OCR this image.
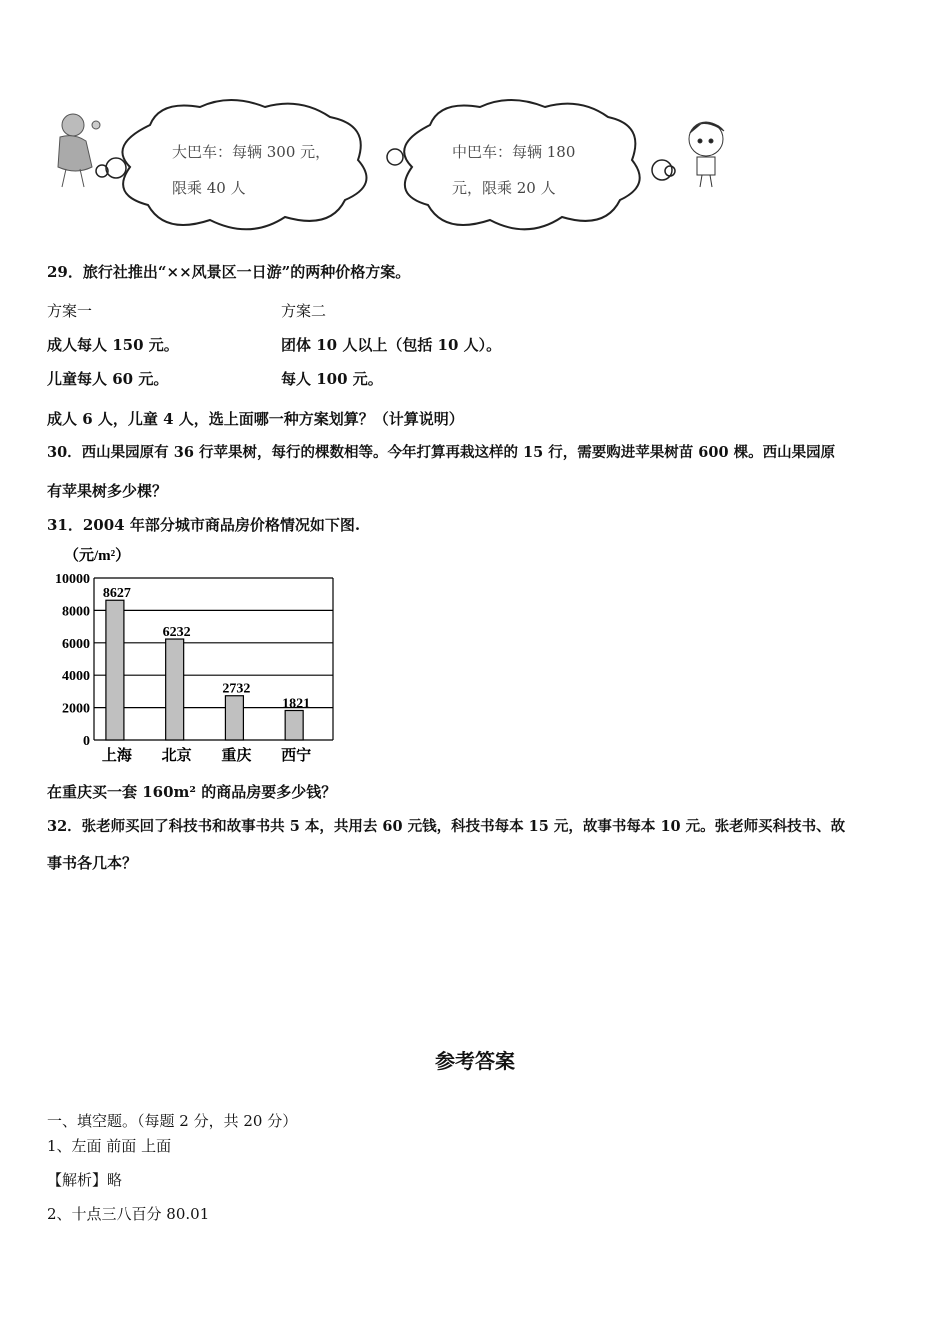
大巴车：每辆 300 元，
限乘 40 人
中巴车：每辆 180
元，限乘 20 人
29．旅行社推出“××风景区一日游”的两种价格方案。
方案一
成人每人 150 元。
儿童每人 60 元。
方案二
团体 10 人以上（包括 10 人）。
每人 100 元。
成人 6 人，儿童 4 人，选上面哪一种方案划算？（计算说明）
30．西山果园原有 36 行苹果树，每行的棵数相等。今年打算再栽这样的 15 行，需要购进苹果树苗 600 棵。西山果园原
有苹果树多少棵？
31．2004 年部分城市商品房价格情况如下图.
（元/m²）
0
2000
4000
6000
8000
10000
上海 北京 重庆 西宁
8627
6232
2732
1821
在重庆买一套 160m² 的商品房要多少钱？
32．张老师买回了科技书和故事书共 5 本，共用去 60 元钱，科技书每本 15 元，故事书每本 10 元。张老师买科技书、故
事书各几本？
参考答案
一、填空题。（每题 2 分，共 20 分）
1、左面 前面 上面
【解析】略
2、十点三八百分 80.01
